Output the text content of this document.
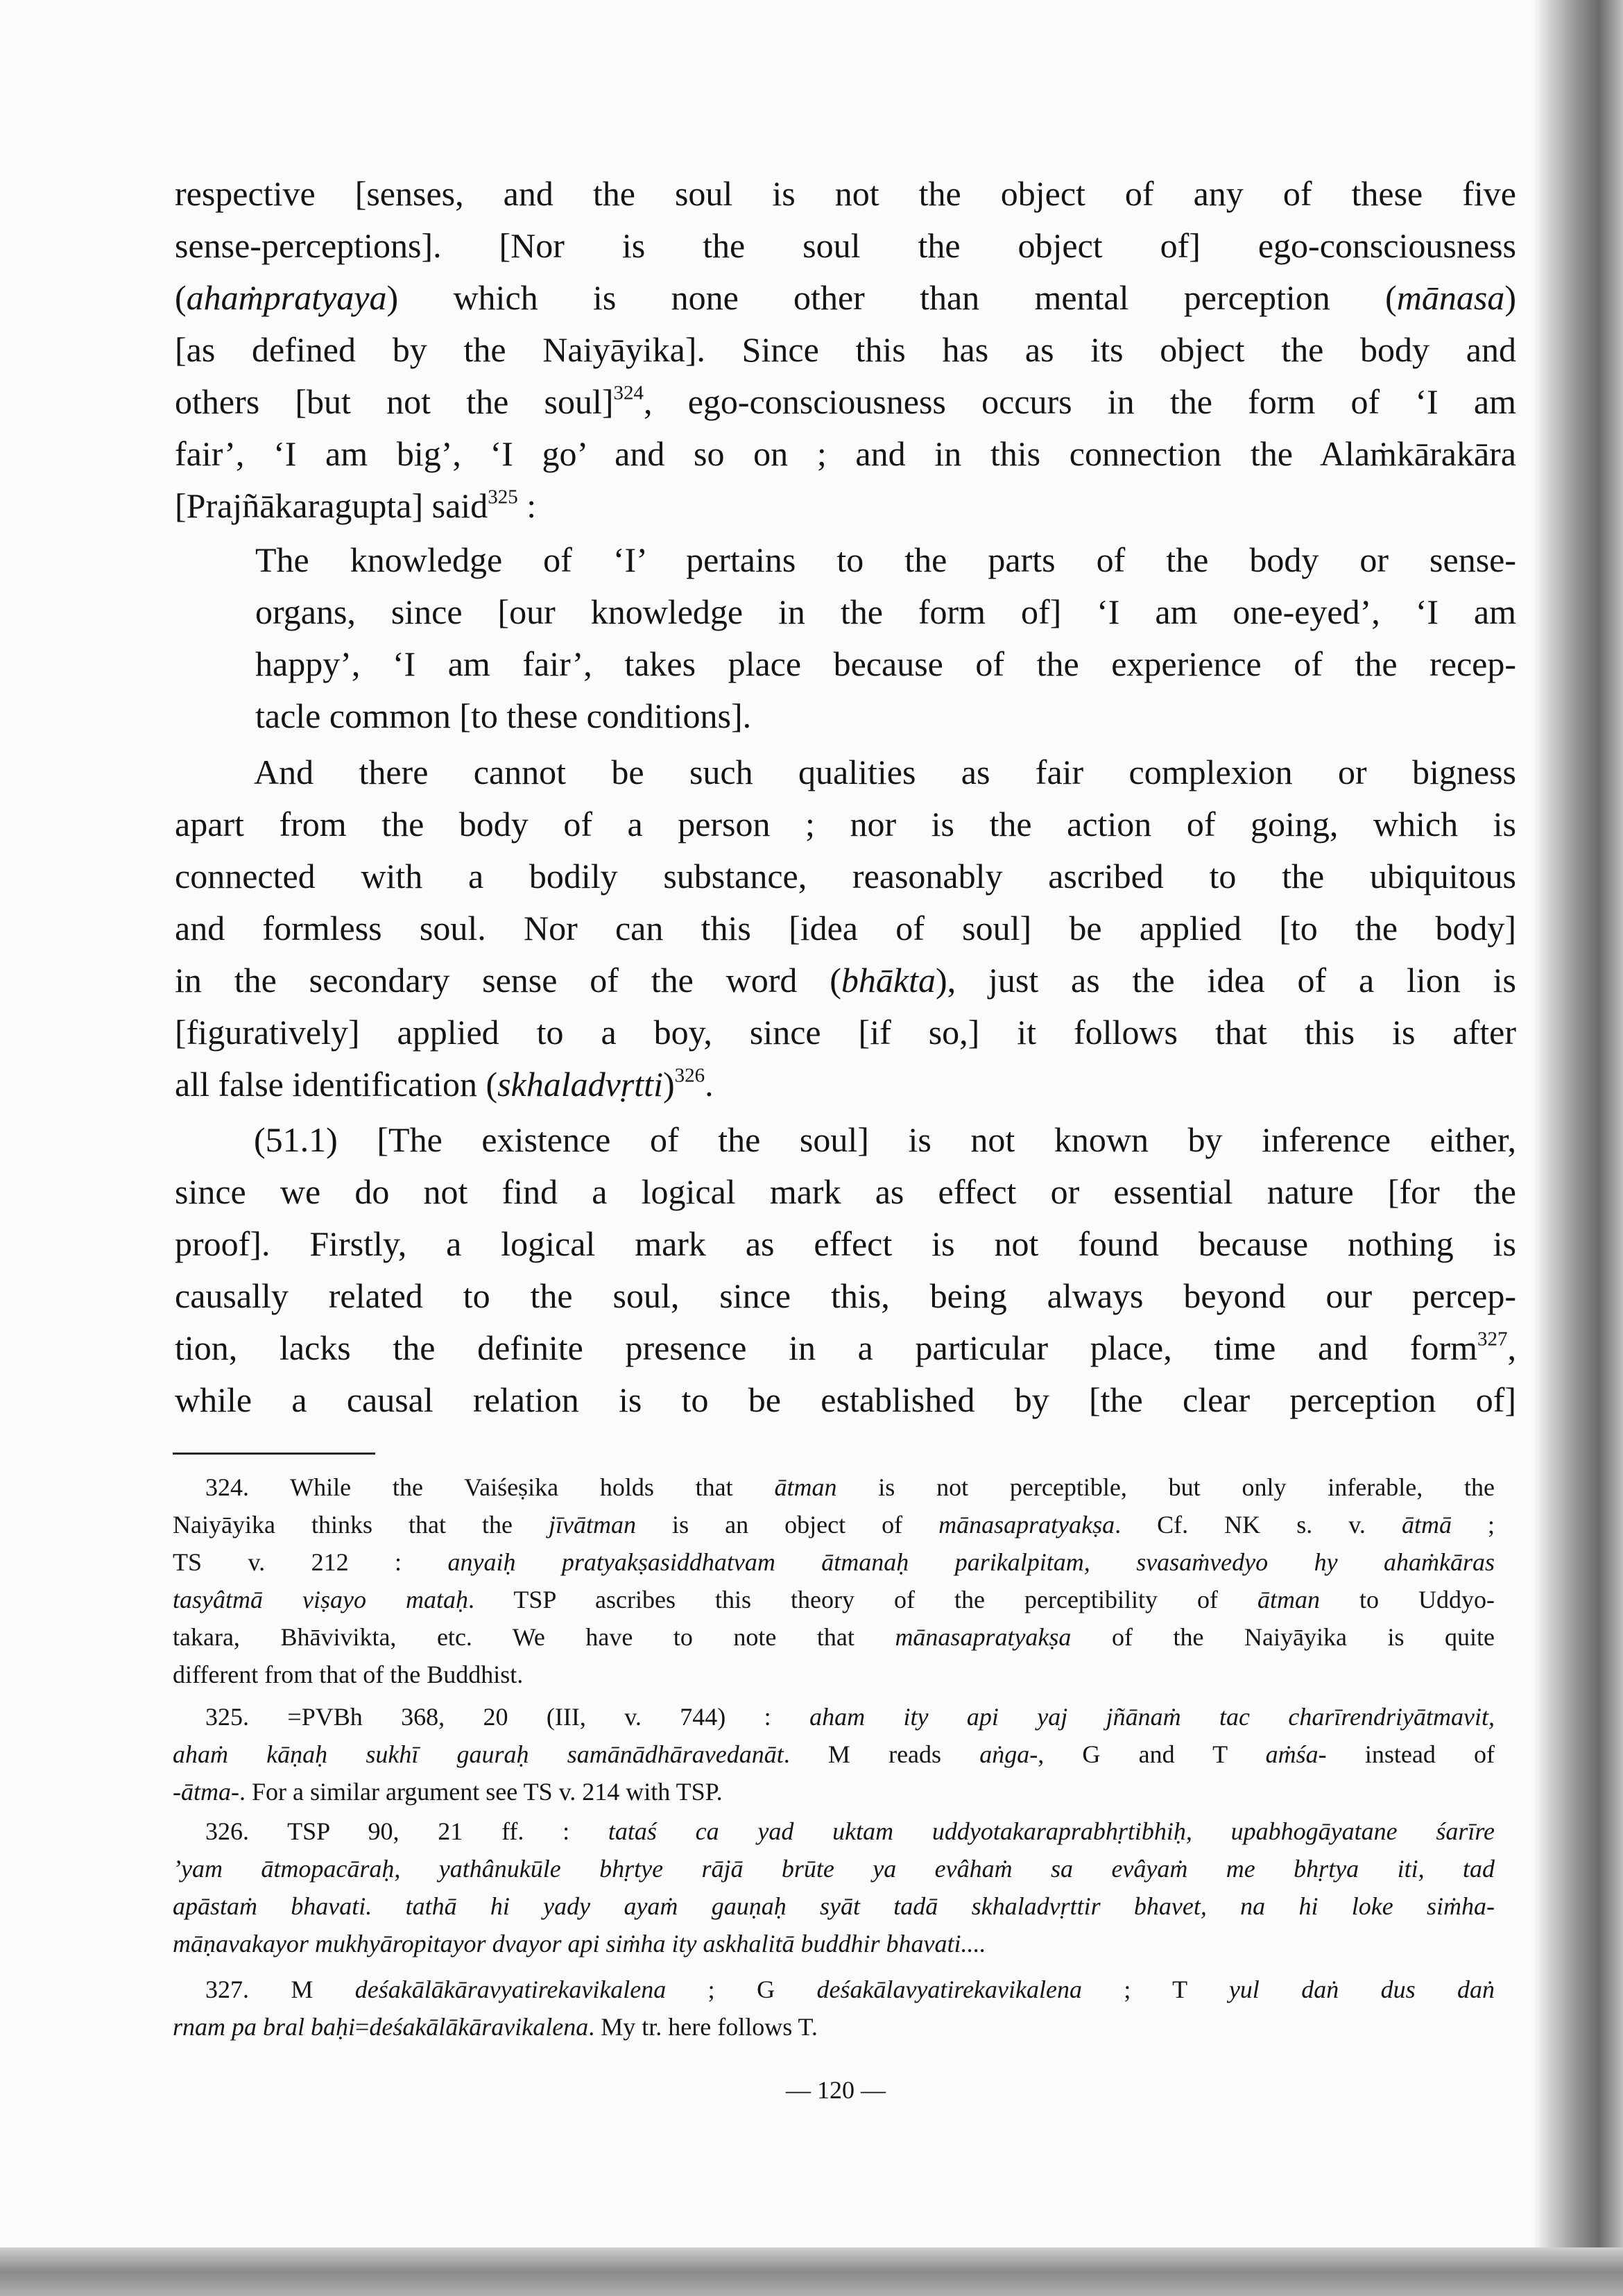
respective [senses, and the soul is not the object of any of these five
sense-perceptions]. [Nor is the soul the object of] ego-consciousness
(ahaṁpratyaya) which is none other than mental perception (mānasa)
[as defined by the Naiyāyika]. Since this has as its object the body and
others [but not the soul]$^{324}$, ego-consciousness occurs in the form of ‘I am
fair’, ‘I am big’, ‘I go’ and so on ; and in this connection the Alaṁkārakāra
[Prajñākaragupta] said$^{325}$ :
The knowledge of ‘I’ pertains to the parts of the body or sense-
organs, since [our knowledge in the form of] ‘I am one-eyed’, ‘I am
happy’, ‘I am fair’, takes place because of the experience of the recep-
tacle common [to these conditions].
And there cannot be such qualities as fair complexion or bigness
apart from the body of a person ; nor is the action of going, which is
connected with a bodily substance, reasonably ascribed to the ubiquitous
and formless soul. Nor can this [idea of soul] be applied [to the body]
in the secondary sense of the word (bhākta), just as the idea of a lion is
[figuratively] applied to a boy, since [if so,] it follows that this is after
all false identification (skhaladvṛtti)$^{326}$.
(51.1) [The existence of the soul] is not known by inference either,
since we do not find a logical mark as effect or essential nature [for the
proof]. Firstly, a logical mark as effect is not found because nothing is
causally related to the soul, since this, being always beyond our percep-
tion, lacks the definite presence in a particular place, time and form$^{327}$,
while a causal relation is to be established by [the clear perception of]
324. While the Vaiśeṣika holds that ātman is not perceptible, but only inferable, the
Naiyāyika thinks that the jīvātman is an object of mānasapratyakṣa. Cf. NK s. v. ātmā ;
TS v. 212 : anyaiḥ pratyakṣasiddhatvam ātmanaḥ parikalpitam, svasaṁvedyo hy ahaṁkāras
tasyâtmā viṣayo mataḥ. TSP ascribes this theory of the perceptibility of ātman to Uddyo-
takara, Bhāvivikta, etc. We have to note that mānasapratyakṣa of the Naiyāyika is quite
different from that of the Buddhist.
325. =PVBh 368, 20 (III, v. 744) : aham ity api yaj jñānaṁ tac charīrendriyātmavit,
ahaṁ kāṇaḥ sukhī gauraḥ samānādhāravedanāt. M reads aṅga-, G and T aṁśa- instead of
-ātma-. For a similar argument see TS v. 214 with TSP.
326. TSP 90, 21 ff. : tataś ca yad uktam uddyotakaraprabhṛtibhiḥ, upabhogāyatane śarīre
’yam ātmopacāraḥ, yathânukūle bhṛtye rājā brūte ya evâhaṁ sa evâyaṁ me bhṛtya iti, tad
apāstaṁ bhavati. tathā hi yady ayaṁ gauṇaḥ syāt tadā skhaladvṛttir bhavet, na hi loke siṁha-
māṇavakayor mukhyāropitayor dvayor api siṁha ity askhalitā buddhir bhavati....
327. M deśakālākāravyatirekavikalena ; G deśakālavyatirekavikalena ; T yul daṅ dus daṅ
rnam pa bral baḥi=deśakālākāravikalena. My tr. here follows T.
— 120 —
